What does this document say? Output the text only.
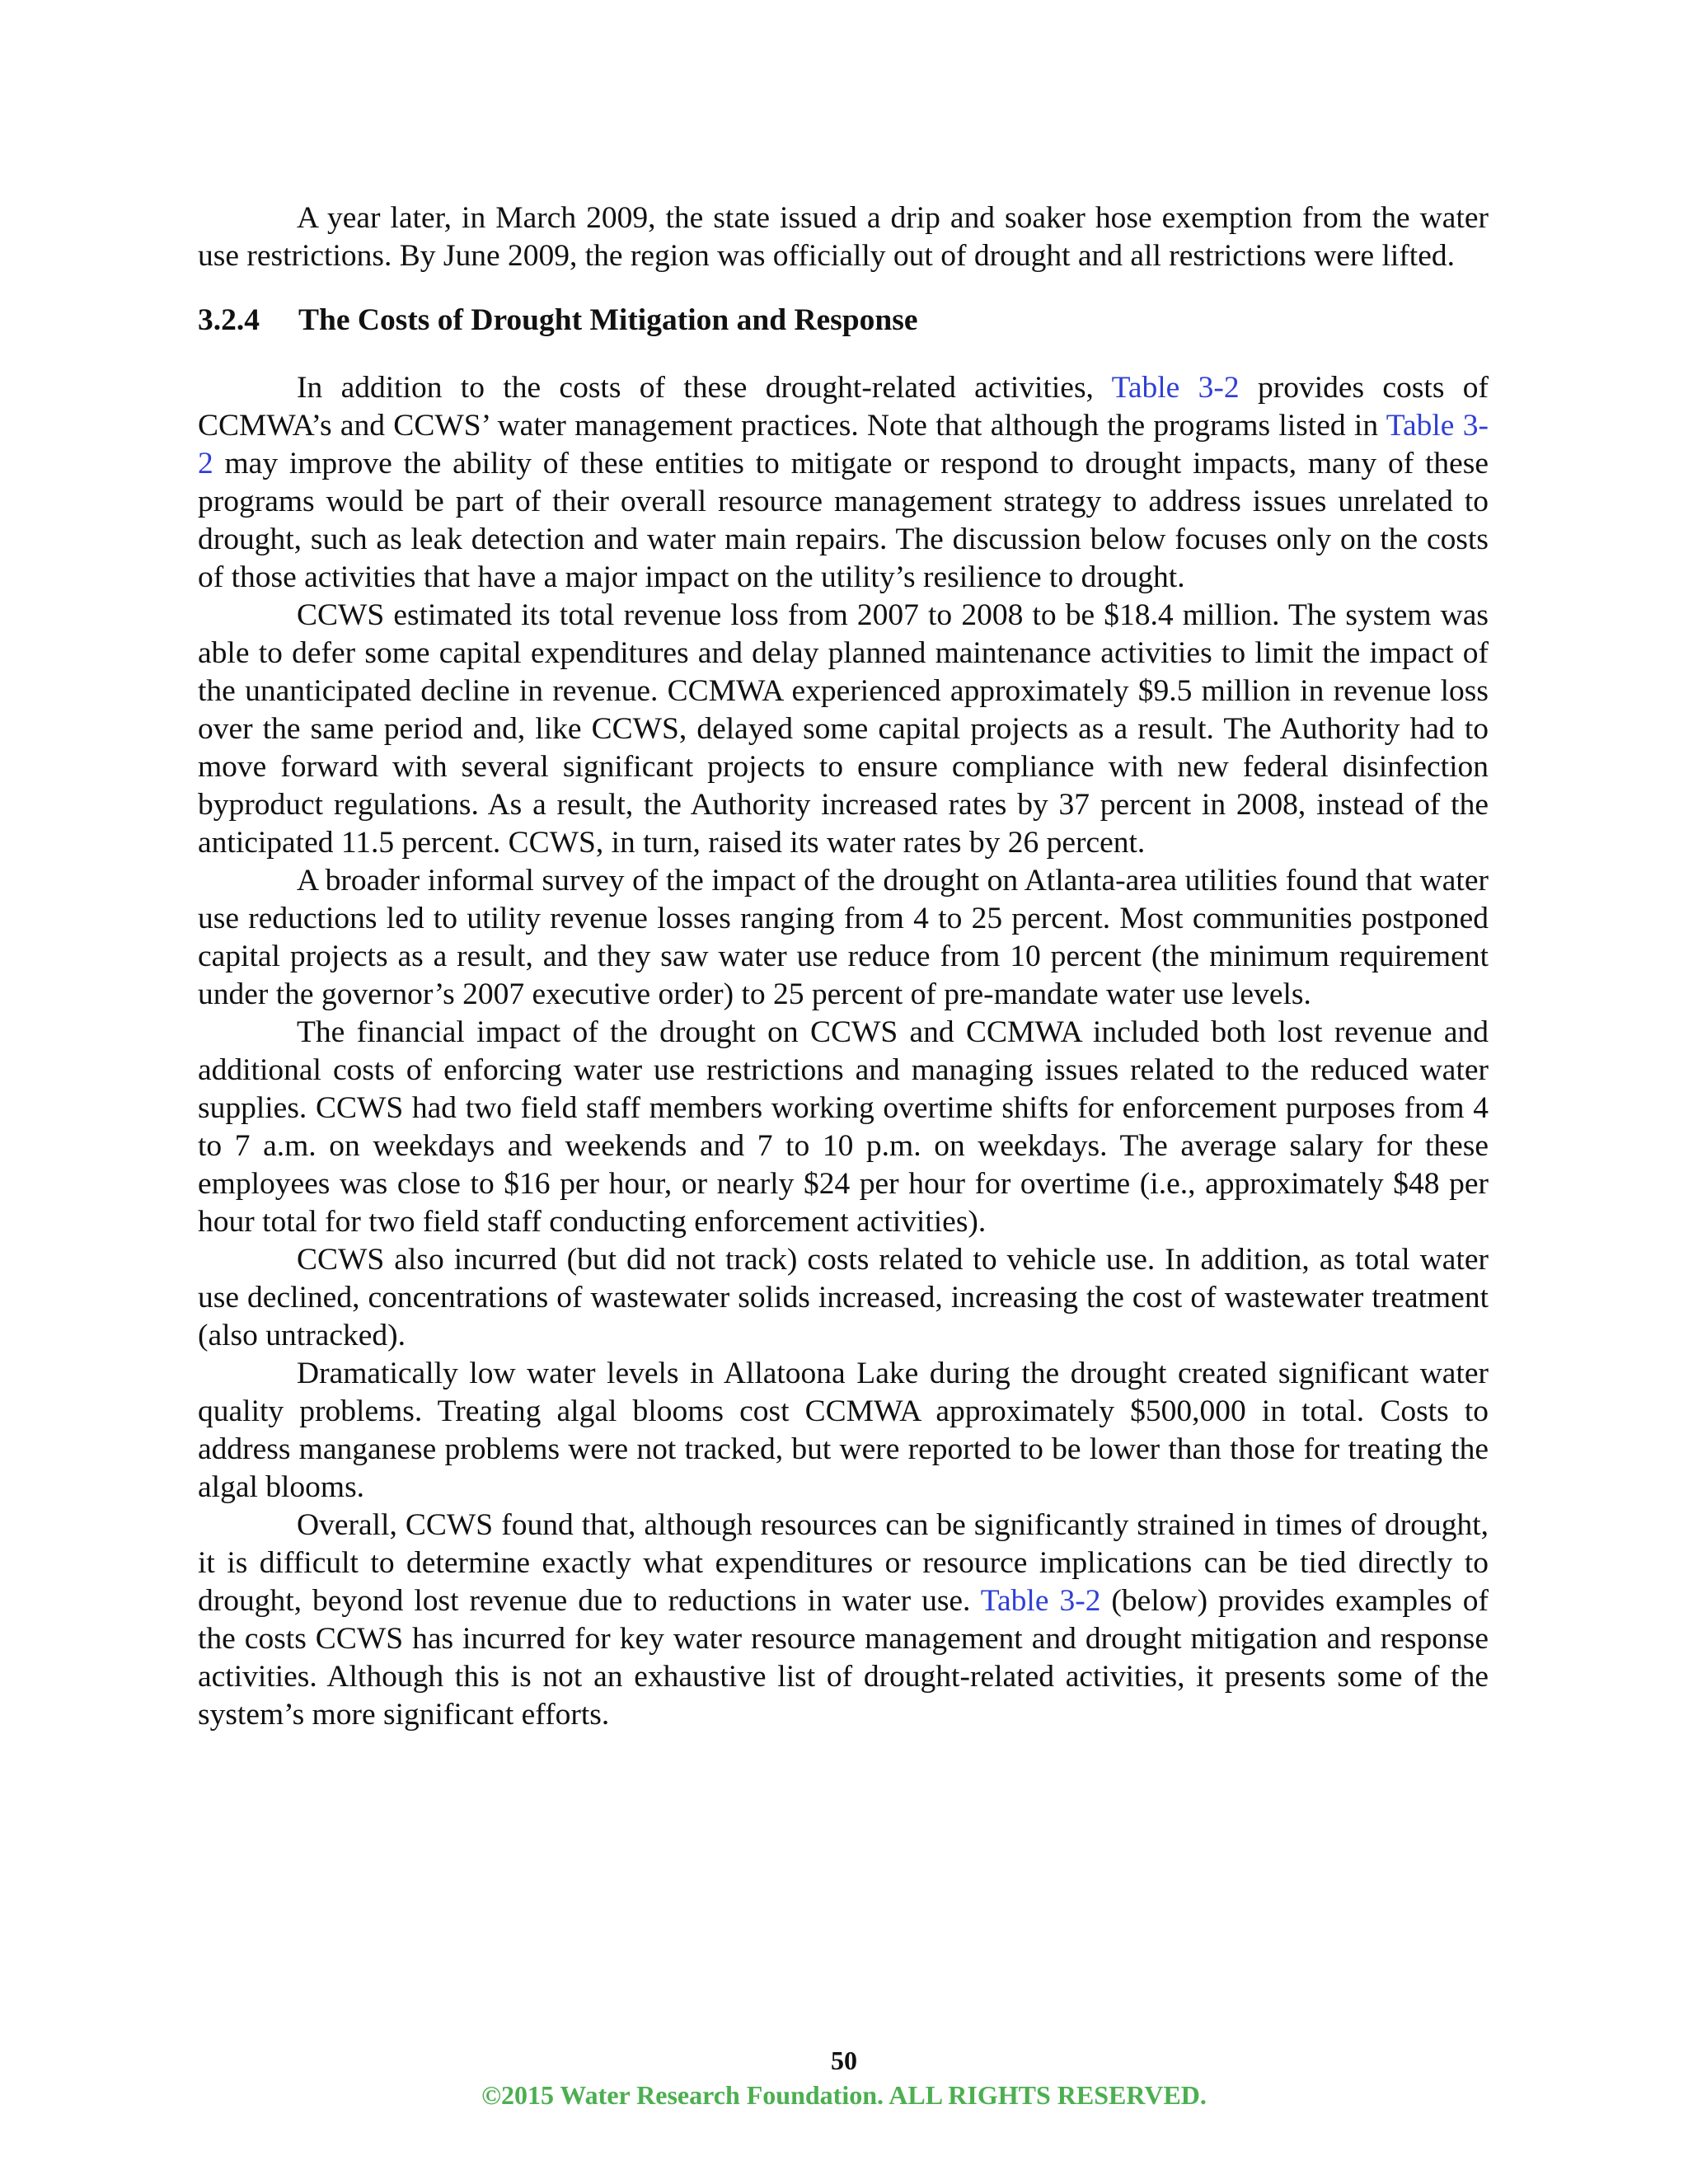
A year later, in March 2009, the state issued a drip and soaker hose exemption from the water use restrictions. By June 2009, the region was officially out of drought and all restrictions were lifted.

3.2.4 The Costs of Drought Mitigation and Response

In addition to the costs of these drought-related activities, Table 3-2 provides costs of CCMWA’s and CCWS’ water management practices. Note that although the programs listed in Table 3-2 may improve the ability of these entities to mitigate or respond to drought impacts, many of these programs would be part of their overall resource management strategy to address issues unrelated to drought, such as leak detection and water main repairs. The discussion below focuses only on the costs of those activities that have a major impact on the utility’s resilience to drought.

CCWS estimated its total revenue loss from 2007 to 2008 to be $18.4 million. The system was able to defer some capital expenditures and delay planned maintenance activities to limit the impact of the unanticipated decline in revenue. CCMWA experienced approximately $9.5 million in revenue loss over the same period and, like CCWS, delayed some capital projects as a result. The Authority had to move forward with several significant projects to ensure compliance with new federal disinfection byproduct regulations. As a result, the Authority increased rates by 37 percent in 2008, instead of the anticipated 11.5 percent. CCWS, in turn, raised its water rates by 26 percent.

A broader informal survey of the impact of the drought on Atlanta-area utilities found that water use reductions led to utility revenue losses ranging from 4 to 25 percent. Most communities postponed capital projects as a result, and they saw water use reduce from 10 percent (the minimum requirement under the governor’s 2007 executive order) to 25 percent of pre-mandate water use levels.

The financial impact of the drought on CCWS and CCMWA included both lost revenue and additional costs of enforcing water use restrictions and managing issues related to the reduced water supplies. CCWS had two field staff members working overtime shifts for enforcement purposes from 4 to 7 a.m. on weekdays and weekends and 7 to 10 p.m. on weekdays. The average salary for these employees was close to $16 per hour, or nearly $24 per hour for overtime (i.e., approximately $48 per hour total for two field staff conducting enforcement activities).

CCWS also incurred (but did not track) costs related to vehicle use. In addition, as total water use declined, concentrations of wastewater solids increased, increasing the cost of wastewater treatment (also untracked).

Dramatically low water levels in Allatoona Lake during the drought created significant water quality problems. Treating algal blooms cost CCMWA approximately $500,000 in total. Costs to address manganese problems were not tracked, but were reported to be lower than those for treating the algal blooms.

Overall, CCWS found that, although resources can be significantly strained in times of drought, it is difficult to determine exactly what expenditures or resource implications can be tied directly to drought, beyond lost revenue due to reductions in water use. Table 3-2 (below) provides examples of the costs CCWS has incurred for key water resource management and drought mitigation and response activities. Although this is not an exhaustive list of drought-related activities, it presents some of the system’s more significant efforts.

50
©2015 Water Research Foundation. ALL RIGHTS RESERVED.
